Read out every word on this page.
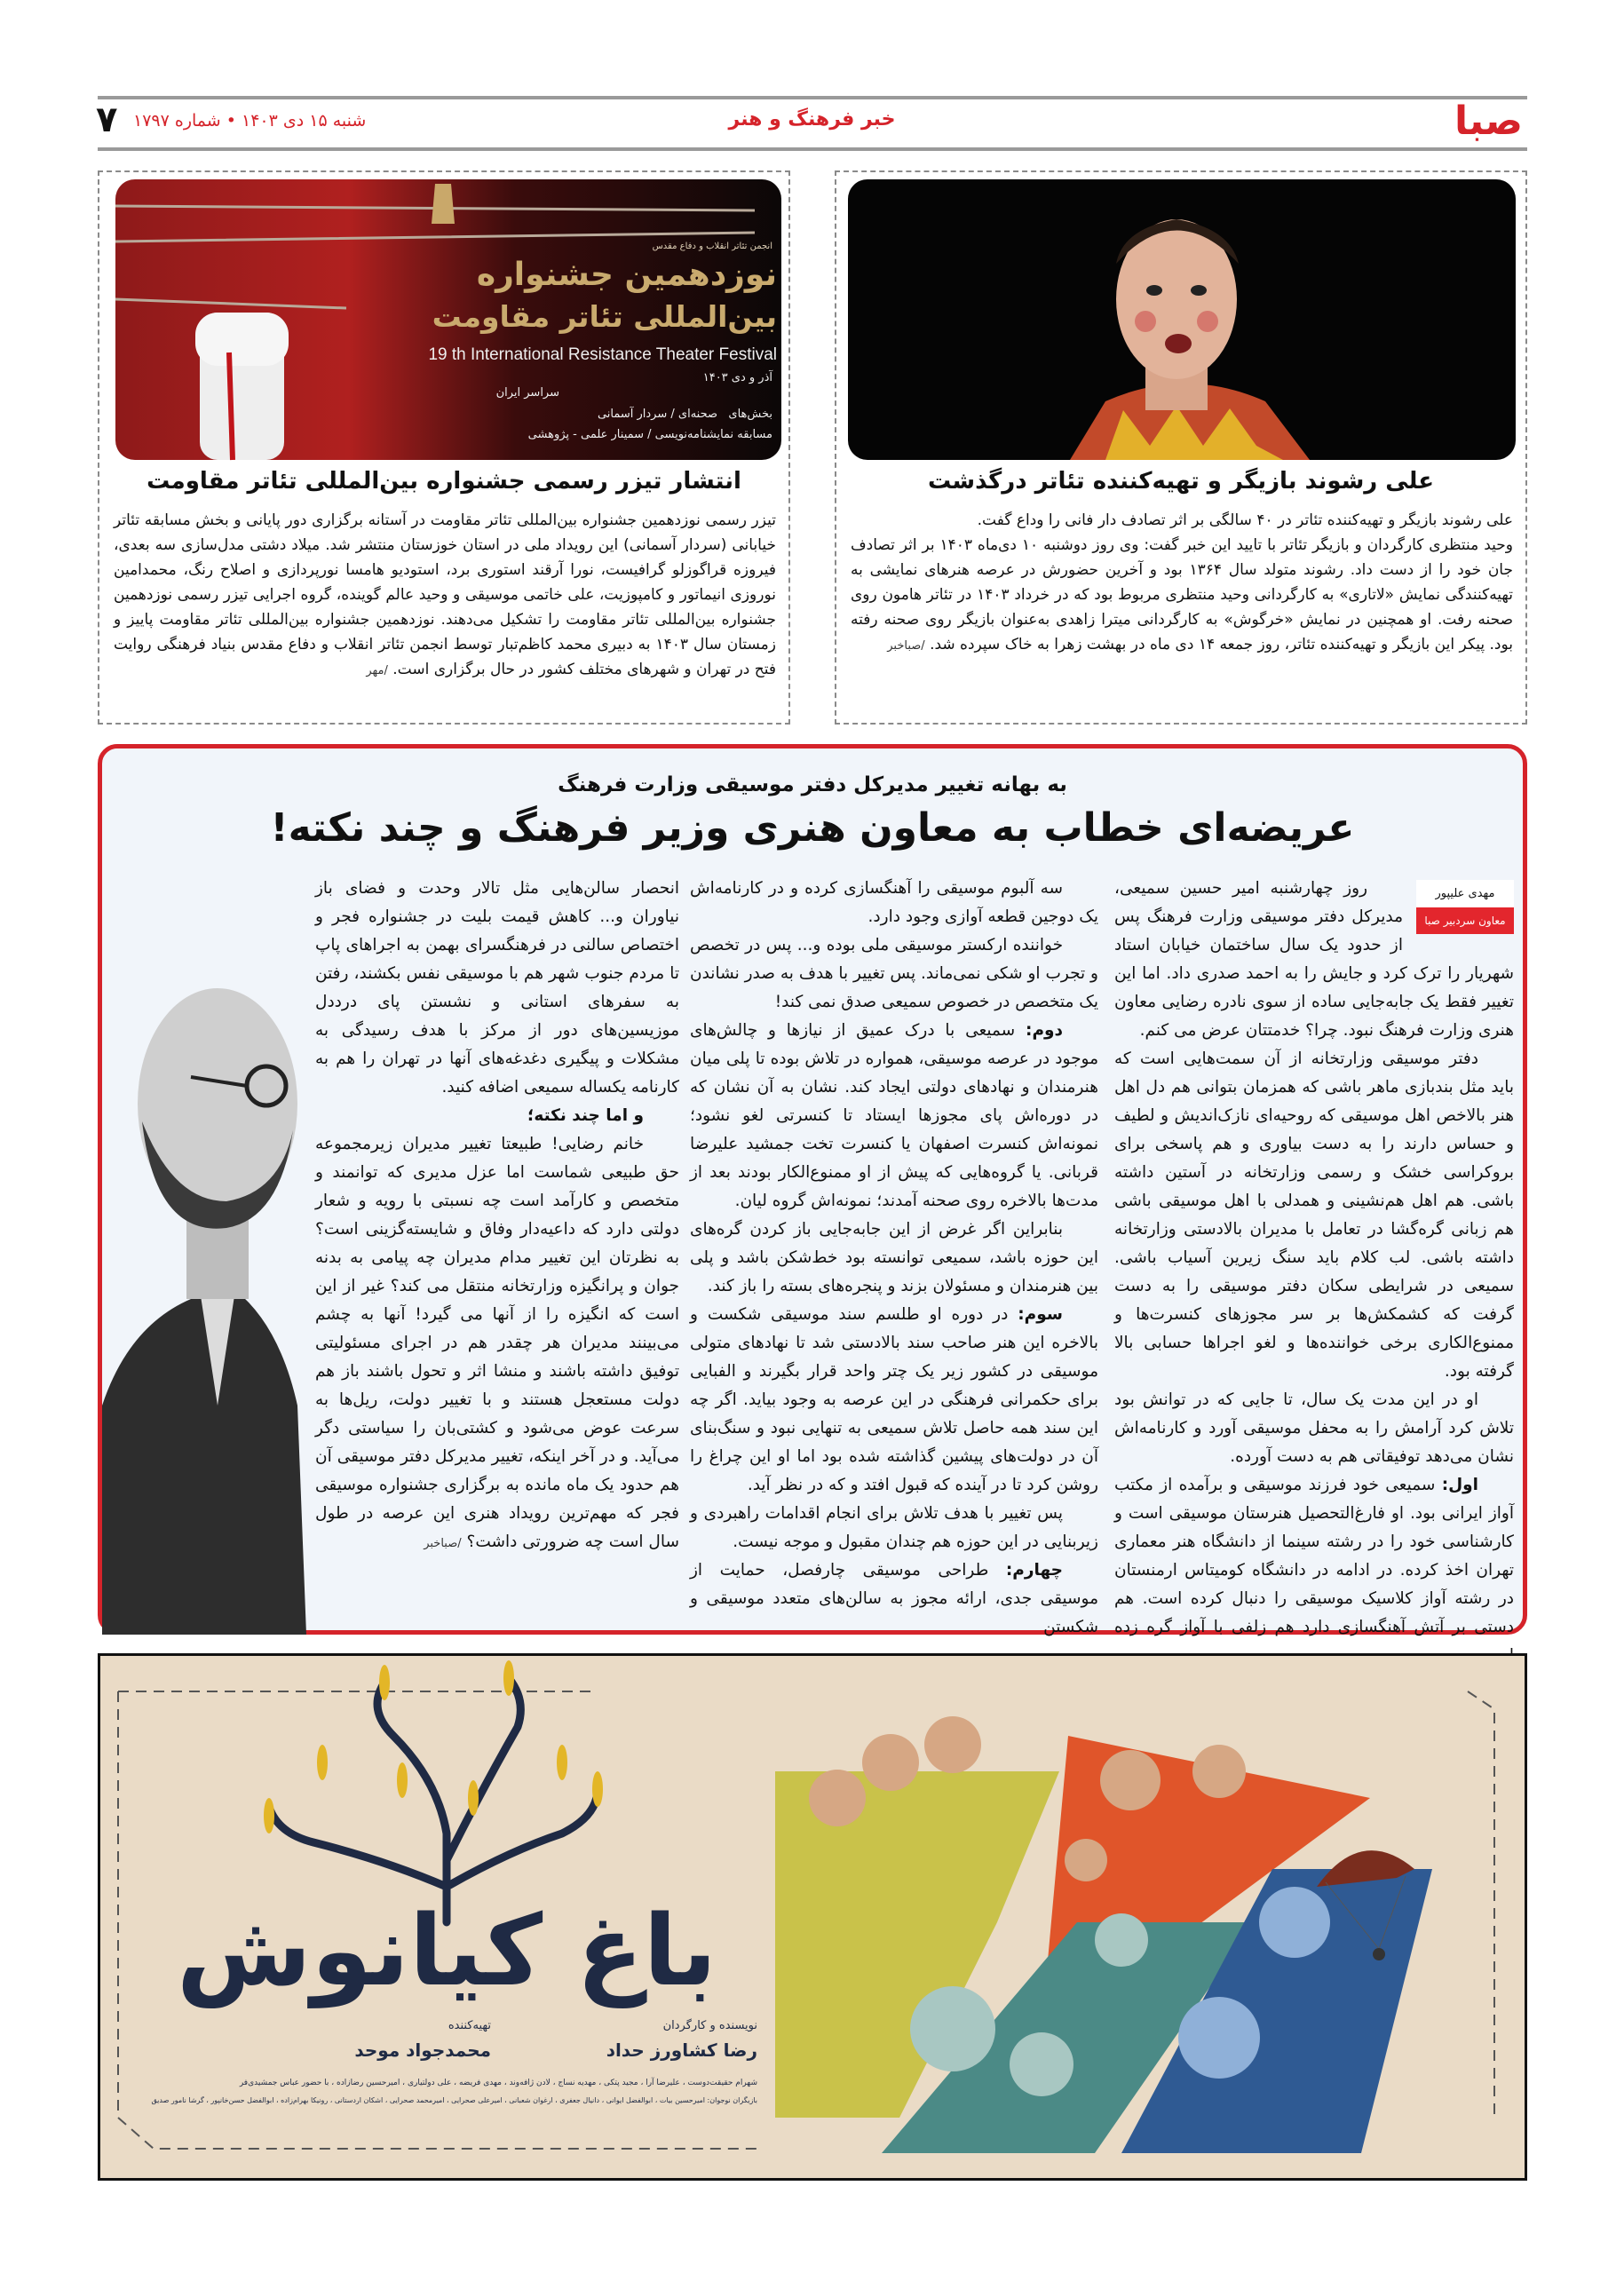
صبا
خبر فرهنگ و هنر
شنبه ۱۵ دی ۱۴۰۳ • شماره ۱۷۹۷
۷
علی رشوند بازیگر و تهیه‌کننده تئاتر درگذشت

علی رشوند بازیگر و تهیه‌کننده تئاتر در ۴۰ سالگی بر اثر تصادف دار فانی را وداع گفت.

وحید منتظری کارگردان و بازیگر تئاتر با تایید این خبر گفت: وی روز دوشنبه ۱۰ دی‌ماه ۱۴۰۳ بر اثر تصادف جان خود را از دست داد. رشوند متولد سال ۱۳۶۴ بود و آخرین حضورش در عرصه هنرهای نمایشی به تهیه‌کنندگی نمایش «لاتاری» به کارگردانی وحید منتظری مربوط بود که در خرداد ۱۴۰۳ در تئاتر هامون روی صحنه رفت. او همچنین در نمایش «خرگوش» به کارگردانی میترا زاهدی به‌عنوان بازیگر روی صحنه رفته بود. پیکر این بازیگر و تهیه‌کننده تئاتر، روز جمعه ۱۴ دی ماه در بهشت زهرا به خاک سپرده شد. /صباخبر

انجمن تئاتر انقلاب و دفاع مقدس
نوزدهمین جشنواره
بین‌المللی تئاتر مقاومت
19 th International Resistance Theater Festival
آذر و دی ۱۴۰۳
سراسر ایران
بخش‌های   صحنه‌ای / سردار آسمانی
مسابقه نمایشنامه‌نویسی / سمینار علمی - پژوهشی
انتشار تیزر رسمی جشنواره بین‌المللی تئاتر مقاومت

تیزر رسمی نوزدهمین جشنواره بین‌المللی تئاتر مقاومت در آستانه برگزاری دور پایانی و بخش مسابقه تئاتر خیابانی (سردار آسمانی) این رویداد ملی در استان خوزستان منتشر شد. میلاد دشتی مدل‌سازی سه بعدی، فیروزه قراگوزلو گرافیست، نورا آرقند استوری برد، استودیو هامسا نورپردازی و اصلاح رنگ، محمدامین نوروزی انیماتور و کامپوزیت، علی خاتمی موسیقی و وحید عالم گوینده، گروه اجرایی تیزر رسمی نوزدهمین جشنواره بین‌المللی تئاتر مقاومت را تشکیل می‌دهند. نوزدهمین جشنواره بین‌المللی تئاتر مقاومت پاییز و زمستان سال ۱۴۰۳ به دبیری محمد کاظم‌تبار توسط انجمن تئاتر انقلاب و دفاع مقدس بنیاد فرهنگی روایت فتح در تهران و شهرهای مختلف کشور در حال برگزاری است. /مهر

به بهانه تغییر مدیرکل دفتر موسیقی وزارت فرهنگ
عریضه‌ای خطاب به معاون هنری وزیر فرهنگ و چند نکته!
مهدی علیپور
معاون سردبیر صبا

روز چهارشنبه امیر حسین سمیعی، مدیرکل دفتر موسیقی وزارت فرهنگ پس از حدود یک سال ساختمان خیابان استاد شهریار را ترک کرد و جایش را به احمد صدری داد. اما این تغییر فقط یک جابه‌جایی ساده از سوی نادره رضایی معاون هنری وزارت فرهنگ نبود. چرا؟ خدمتتان عرض می کنم.

دفتر موسیقی وزارتخانه از آن سمت‌هایی است که باید مثل بندبازی ماهر باشی که همزمان بتوانی هم دل اهل هنر بالاخص اهل موسیقی که روحیه‌ای نازک‌اندیش و لطیف و حساس دارند را به دست بیاوری و هم پاسخی برای بروکراسی خشک و رسمی وزارتخانه در آستین داشته باشی. هم اهل هم‌نشینی و همدلی با اهل موسیقی باشی هم زبانی گره‌گشا در تعامل با مدیران بالادستی وزارتخانه داشته باشی. لب کلام باید سنگ زیرین آسیاب باشی. سمیعی در شرایطی سکان دفتر موسیقی را به دست گرفت که کشمکش‌ها بر سر مجوزهای کنسرت‌ها و ممنوع‌الکاری برخی خواننده‌ها و لغو اجراها حسابی بالا گرفته بود.

او در این مدت یک سال، تا جایی که در توانش بود تلاش کرد آرامش را به محفل موسیقی آورد و کارنامه‌اش نشان می‌دهد توفیقاتی هم به دست آورده.

اول: سمیعی خود فرزند موسیقی و برآمده از مکتب آواز ایرانی بود. او فارغ‌التحصیل هنرستان موسیقی است و کارشناسی خود را در رشته سینما از دانشگاه هنر معماری تهران اخذ کرده. در ادامه در دانشگاه کومیتاس ارمنستان در رشته آواز کلاسیک موسیقی را دنبال کرده است. هم دستی بر آتش آهنگسازی دارد هم زلفی با آواز گره زده

سه آلبوم موسیقی را آهنگسازی کرده و در کارنامه‌اش یک دوجین قطعه آوازی وجود دارد.

خواننده ارکستر موسیقی ملی بوده و... پس در تخصص و تجرب او شکی نمی‌ماند. پس تغییر با هدف به صدر نشاندن یک متخصص در خصوص سمیعی صدق نمی کند!

دوم: سمیعی با درک عمیق از نیازها و چالش‌های موجود در عرصه موسیقی، همواره در تلاش بوده تا پلی میان هنرمندان و نهادهای دولتی ایجاد کند. نشان به آن نشان که در دوره‌اش پای مجوزها ایستاد تا کنسرتی لغو نشود؛ نمونه‌اش کنسرت اصفهان یا کنسرت تخت جمشید علیرضا قربانی. یا گروه‌هایی که پیش از او ممنوع‌الکار بودند بعد از مدت‌ها بالاخره روی صحنه آمدند؛ نمونه‌اش گروه لیان.

بنابراین اگر غرض از این جابه‌جایی باز کردن گره‌های این حوزه باشد، سمیعی توانسته بود خط‌شکن باشد و پلی بین هنرمندان و مسئولان بزند و پنجره‌های بسته را باز کند.

سوم: در دوره او طلسم سند موسیقی شکست و بالاخره این هنر صاحب سند بالادستی شد تا نهادهای متولی موسیقی در کشور زیر یک چتر واحد قرار بگیرند و الفبایی برای حکمرانی فرهنگی در این عرصه به وجود بیاید. اگر چه این سند همه حاصل تلاش سمیعی به تنهایی نبود و سنگ‌بنای آن در دولت‌های پیشین گذاشته شده بود اما او این چراغ را روشن کرد تا در آینده که قبول افتد و که در نظر آید.

پس تغییر با هدف تلاش برای انجام اقدامات راهبردی و زیربنایی در این حوزه هم چندان مقبول و موجه نیست.

چهارم: طراحی موسیقی چارفصل، حمایت از موسیقی جدی، ارائه مجوز به سالن‌های متعدد موسیقی و شکستن

انحصار سالن‌هایی مثل تالار وحدت و فضای باز نیاوران و... کاهش قیمت بلیت در جشنواره فجر و اختصاص سالنی در فرهنگسرای بهمن به اجراهای پاپ تا مردم جنوب شهر هم با موسیقی نفس بکشند، رفتن به سفرهای استانی و نشستن پای درددل موزیسین‌های دور از مرکز با هدف رسیدگی به مشکلات و پیگیری دغدغه‌های آنها در تهران را هم به کارنامه یکساله سمیعی اضافه کنید.

و اما چند نکته؛

خانم رضایی! طبیعتا تغییر مدیران زیرمجموعه حق طبیعی شماست اما عزل مدیری که توانمند و متخصص و کارآمد است چه نسبتی با رویه و شعار دولتی دارد که داعیه‌دار وفاق و شایسته‌گزینی است؟ به نظرتان این تغییر مدام مدیران چه پیامی به بدنه جوان و پرانگیزه وزارتخانه منتقل می کند؟ غیر از این است که انگیزه را از آنها می گیرد! آنها به چشم می‌بینند مدیران هر چقدر هم در اجرای مسئولیتی توفیق داشته باشند و منشا اثر و تحول باشند باز هم دولت مستعجل هستند و با تغییر دولت، ریل‌ها به سرعت عوض می‌شود و کشتی‌بان را سیاستی دگر می‌آید. و در آخر اینکه، تغییر مدیرکل دفتر موسیقی آن هم حدود یک ماه مانده به برگزاری جشنواره موسیقی فجر که مهم‌ترین رویداد هنری این عرصه در طول سال است چه ضرورتی داشت؟ /صباخبر

باغ کیانوش
نویسنده و کارگردان
تهیه‌کننده
رضا کشاورز حداد
محمدجواد موحد
شهرام حقیقت‌دوست ، علیرضا آرا ، مجید پتکی ، مهدیه نساج ، لادن ژافه‌وند ، مهدی فریضه ، علی دولتیاری ، امیرحسین رضازاده ، با حضور عباس جمشیدی‌فر
بازیگران نوجوان: امیرحسین بیات ، ابوالفضل ایوانی ، دانیال جعفری ، ارغوان شعبانی ، امیرعلی صحرایی ، امیرمحمد صحرایی ، اشکان اردستانی ، رونیکا بهرام‌زاده ، ابوالفضل حسن‌خانپور ، گرشا نامور صدیق
